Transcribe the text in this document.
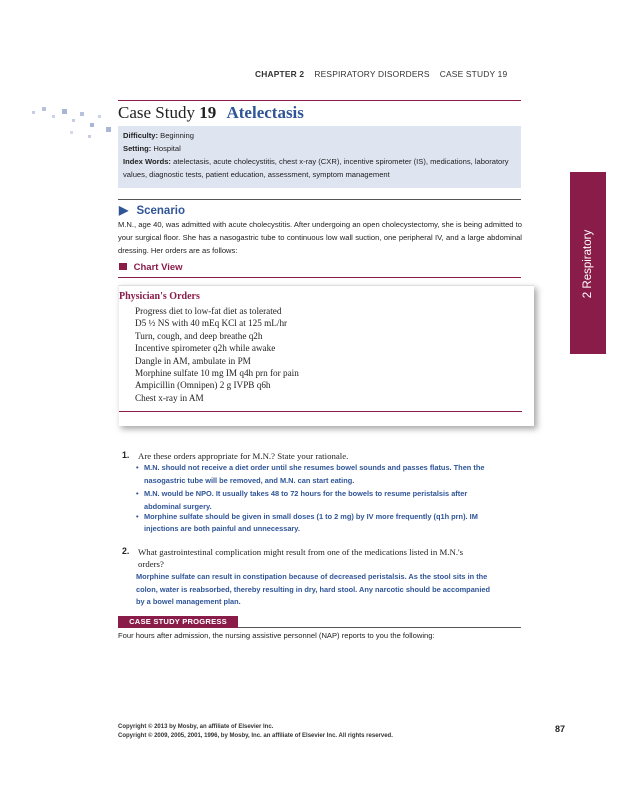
CHAPTER 2 RESPIRATORY DISORDERS CASE STUDY 19
Case Study 19 Atelectasis
Difficulty: Beginning
Setting: Hospital
Index Words: atelectasis, acute cholecystitis, chest x-ray (CXR), incentive spirometer (IS), medications, laboratory
values, diagnostic tests, patient education, assessment, symptom management
2 Respiratory
▶ Scenario
M.N., age 40, was admitted with acute cholecystitis. After undergoing an open cholecystectomy, she is being admitted to your surgical floor. She has a nasogastric tube to continuous low wall suction, one peripheral IV, and a large abdominal dressing. Her orders are as follows:
Chart View
Physician's Orders
Progress diet to low-fat diet as tolerated
D5 ½ NS with 40 mEq KCl at 125 mL/hr
Turn, cough, and deep breathe q2h
Incentive spirometer q2h while awake
Dangle in AM, ambulate in PM
Morphine sulfate 10 mg IM q4h prn for pain
Ampicillin (Omnipen) 2 g IVPB q6h
Chest x-ray in AM
1. Are these orders appropriate for M.N.? State your rationale.
• M.N. should not receive a diet order until she resumes bowel sounds and passes flatus. Then the
nasogastric tube will be removed, and M.N. can start eating.
• M.N. would be NPO. It usually takes 48 to 72 hours for the bowels to resume peristalsis after
abdominal surgery.
• Morphine sulfate should be given in small doses (1 to 2 mg) by IV more frequently (q1h prn). IM
injections are both painful and unnecessary.
2. What gastrointestinal complication might result from one of the medications listed in M.N.'s
orders?
Morphine sulfate can result in constipation because of decreased peristalsis. As the stool sits in the
colon, water is reabsorbed, thereby resulting in dry, hard stool. Any narcotic should be accompanied
by a bowel management plan.
CASE STUDY PROGRESS
Four hours after admission, the nursing assistive personnel (NAP) reports to you the following:
Copyright © 2013 by Mosby, an affiliate of Elsevier Inc.
Copyright © 2009, 2005, 2001, 1996, by Mosby, Inc. an affiliate of Elsevier Inc. All rights reserved.
87
